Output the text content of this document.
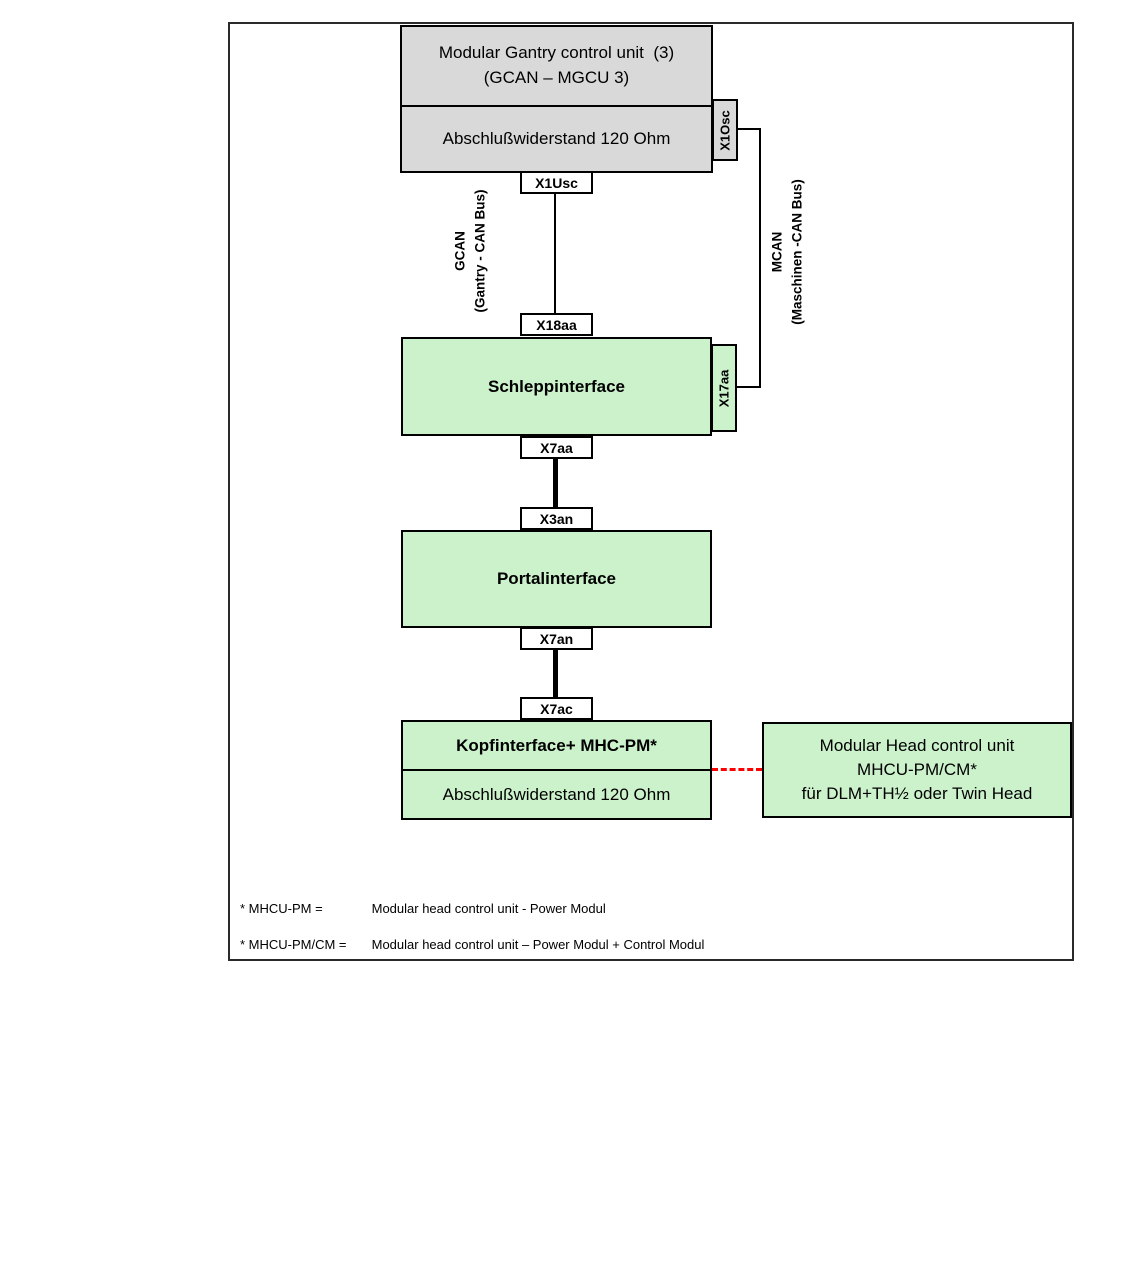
Modular Gantry control unit  (3)
(GCAN – MGCU 3)
Abschlußwiderstand 120 Ohm	X1Osc
X1Usc
GCAN (Gantry - CAN Bus)	MCAN (Maschinen -CAN Bus)
X18aa
Schleppinterface	X17aa
X7aa
X3an
Portalinterface
X7an
X7ac
Kopfinterface+ MHC-PM*
Abschlußwiderstand 120 Ohm
Modular Head control unit
MHCU-PM/CM*
für DLM+TH½ oder Twin Head
* MHCU-PM =	Modular head control unit - Power Modul
* MHCU-PM/CM = Modular head control unit – Power Modul + Control Modul
